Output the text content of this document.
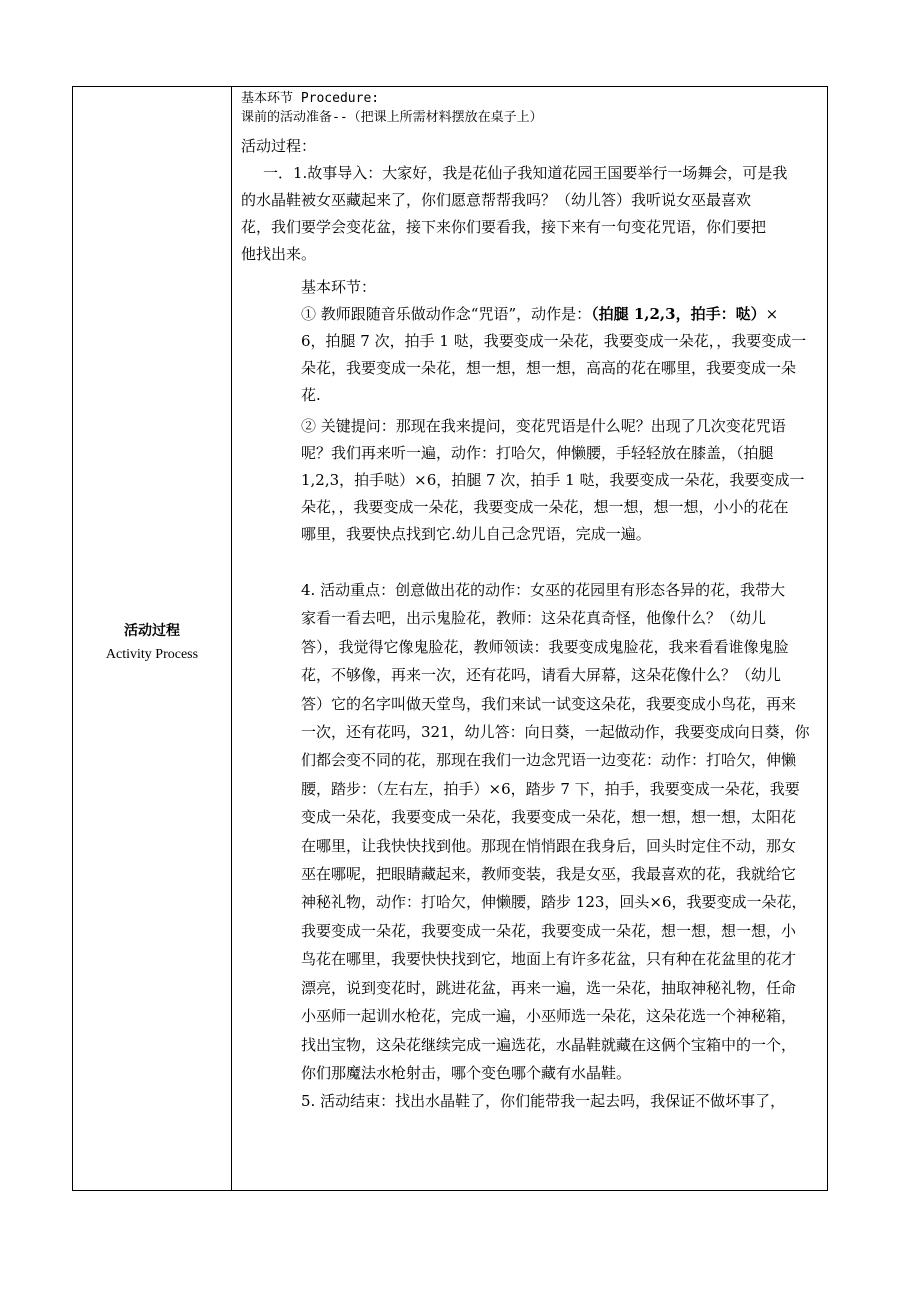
活动过程
Activity Process
基本环节 Procedure:
课前的活动准备--（把课上所需材料摆放在桌子上）
活动过程：
一．1.故事导入：大家好，我是花仙子我知道花园王国要举行一场舞会，可是我
的水晶鞋被女巫藏起来了，你们愿意帮帮我吗？（幼儿答）我听说女巫最喜欢
花，我们要学会变花盆，接下来你们要看我，接下来有一句变花咒语，你们要把
他找出来。
基本环节：
① 教师跟随音乐做动作念“咒语”，动作是：（拍腿 1,2,3，拍手：哒）×
6，拍腿 7 次，拍手 1 哒，我要变成一朵花，我要变成一朵花，，我要变成一
朵花，我要变成一朵花，想一想，想一想，高高的花在哪里，我要变成一朵
花.
② 关键提问：那现在我来提问，变花咒语是什么呢？出现了几次变花咒语
呢？我们再来听一遍，动作：打哈欠，伸懒腰，手轻轻放在膝盖，（拍腿
1,2,3，拍手哒）×6，拍腿 7 次，拍手 1 哒，我要变成一朵花，我要变成一
朵花，，我要变成一朵花，我要变成一朵花，想一想，想一想，小小的花在
哪里，我要快点找到它.幼儿自己念咒语，完成一遍。
4. 活动重点：创意做出花的动作：女巫的花园里有形态各异的花，我带大
家看一看去吧，出示鬼脸花，教师：这朵花真奇怪，他像什么？（幼儿
答），我觉得它像鬼脸花，教师领读：我要变成鬼脸花，我来看看谁像鬼脸
花，不够像，再来一次，还有花吗，请看大屏幕，这朵花像什么？（幼儿
答）它的名字叫做天堂鸟，我们来试一试变这朵花，我要变成小鸟花，再来
一次，还有花吗，321，幼儿答：向日葵，一起做动作，我要变成向日葵，你
们都会变不同的花，那现在我们一边念咒语一边变花：动作：打哈欠，伸懒
腰，踏步：（左右左，拍手）×6，踏步 7 下，拍手，我要变成一朵花，我要
变成一朵花，我要变成一朵花，我要变成一朵花，想一想，想一想，太阳花
在哪里，让我快快找到他。那现在悄悄跟在我身后，回头时定住不动，那女
巫在哪呢，把眼睛藏起来，教师变装，我是女巫，我最喜欢的花，我就给它
神秘礼物，动作：打哈欠，伸懒腰，踏步 123，回头×6，我要变成一朵花，
我要变成一朵花，我要变成一朵花，我要变成一朵花，想一想，想一想，小
鸟花在哪里，我要快快找到它，地面上有许多花盆，只有种在花盆里的花才
漂亮，说到变花时，跳进花盆，再来一遍，选一朵花，抽取神秘礼物，任命
小巫师一起训水枪花，完成一遍，小巫师选一朵花，这朵花选一个神秘箱，
找出宝物，这朵花继续完成一遍选花，水晶鞋就藏在这俩个宝箱中的一个，
你们那魔法水枪射击，哪个变色哪个藏有水晶鞋。
5. 活动结束：找出水晶鞋了，你们能带我一起去吗，我保证不做坏事了，
